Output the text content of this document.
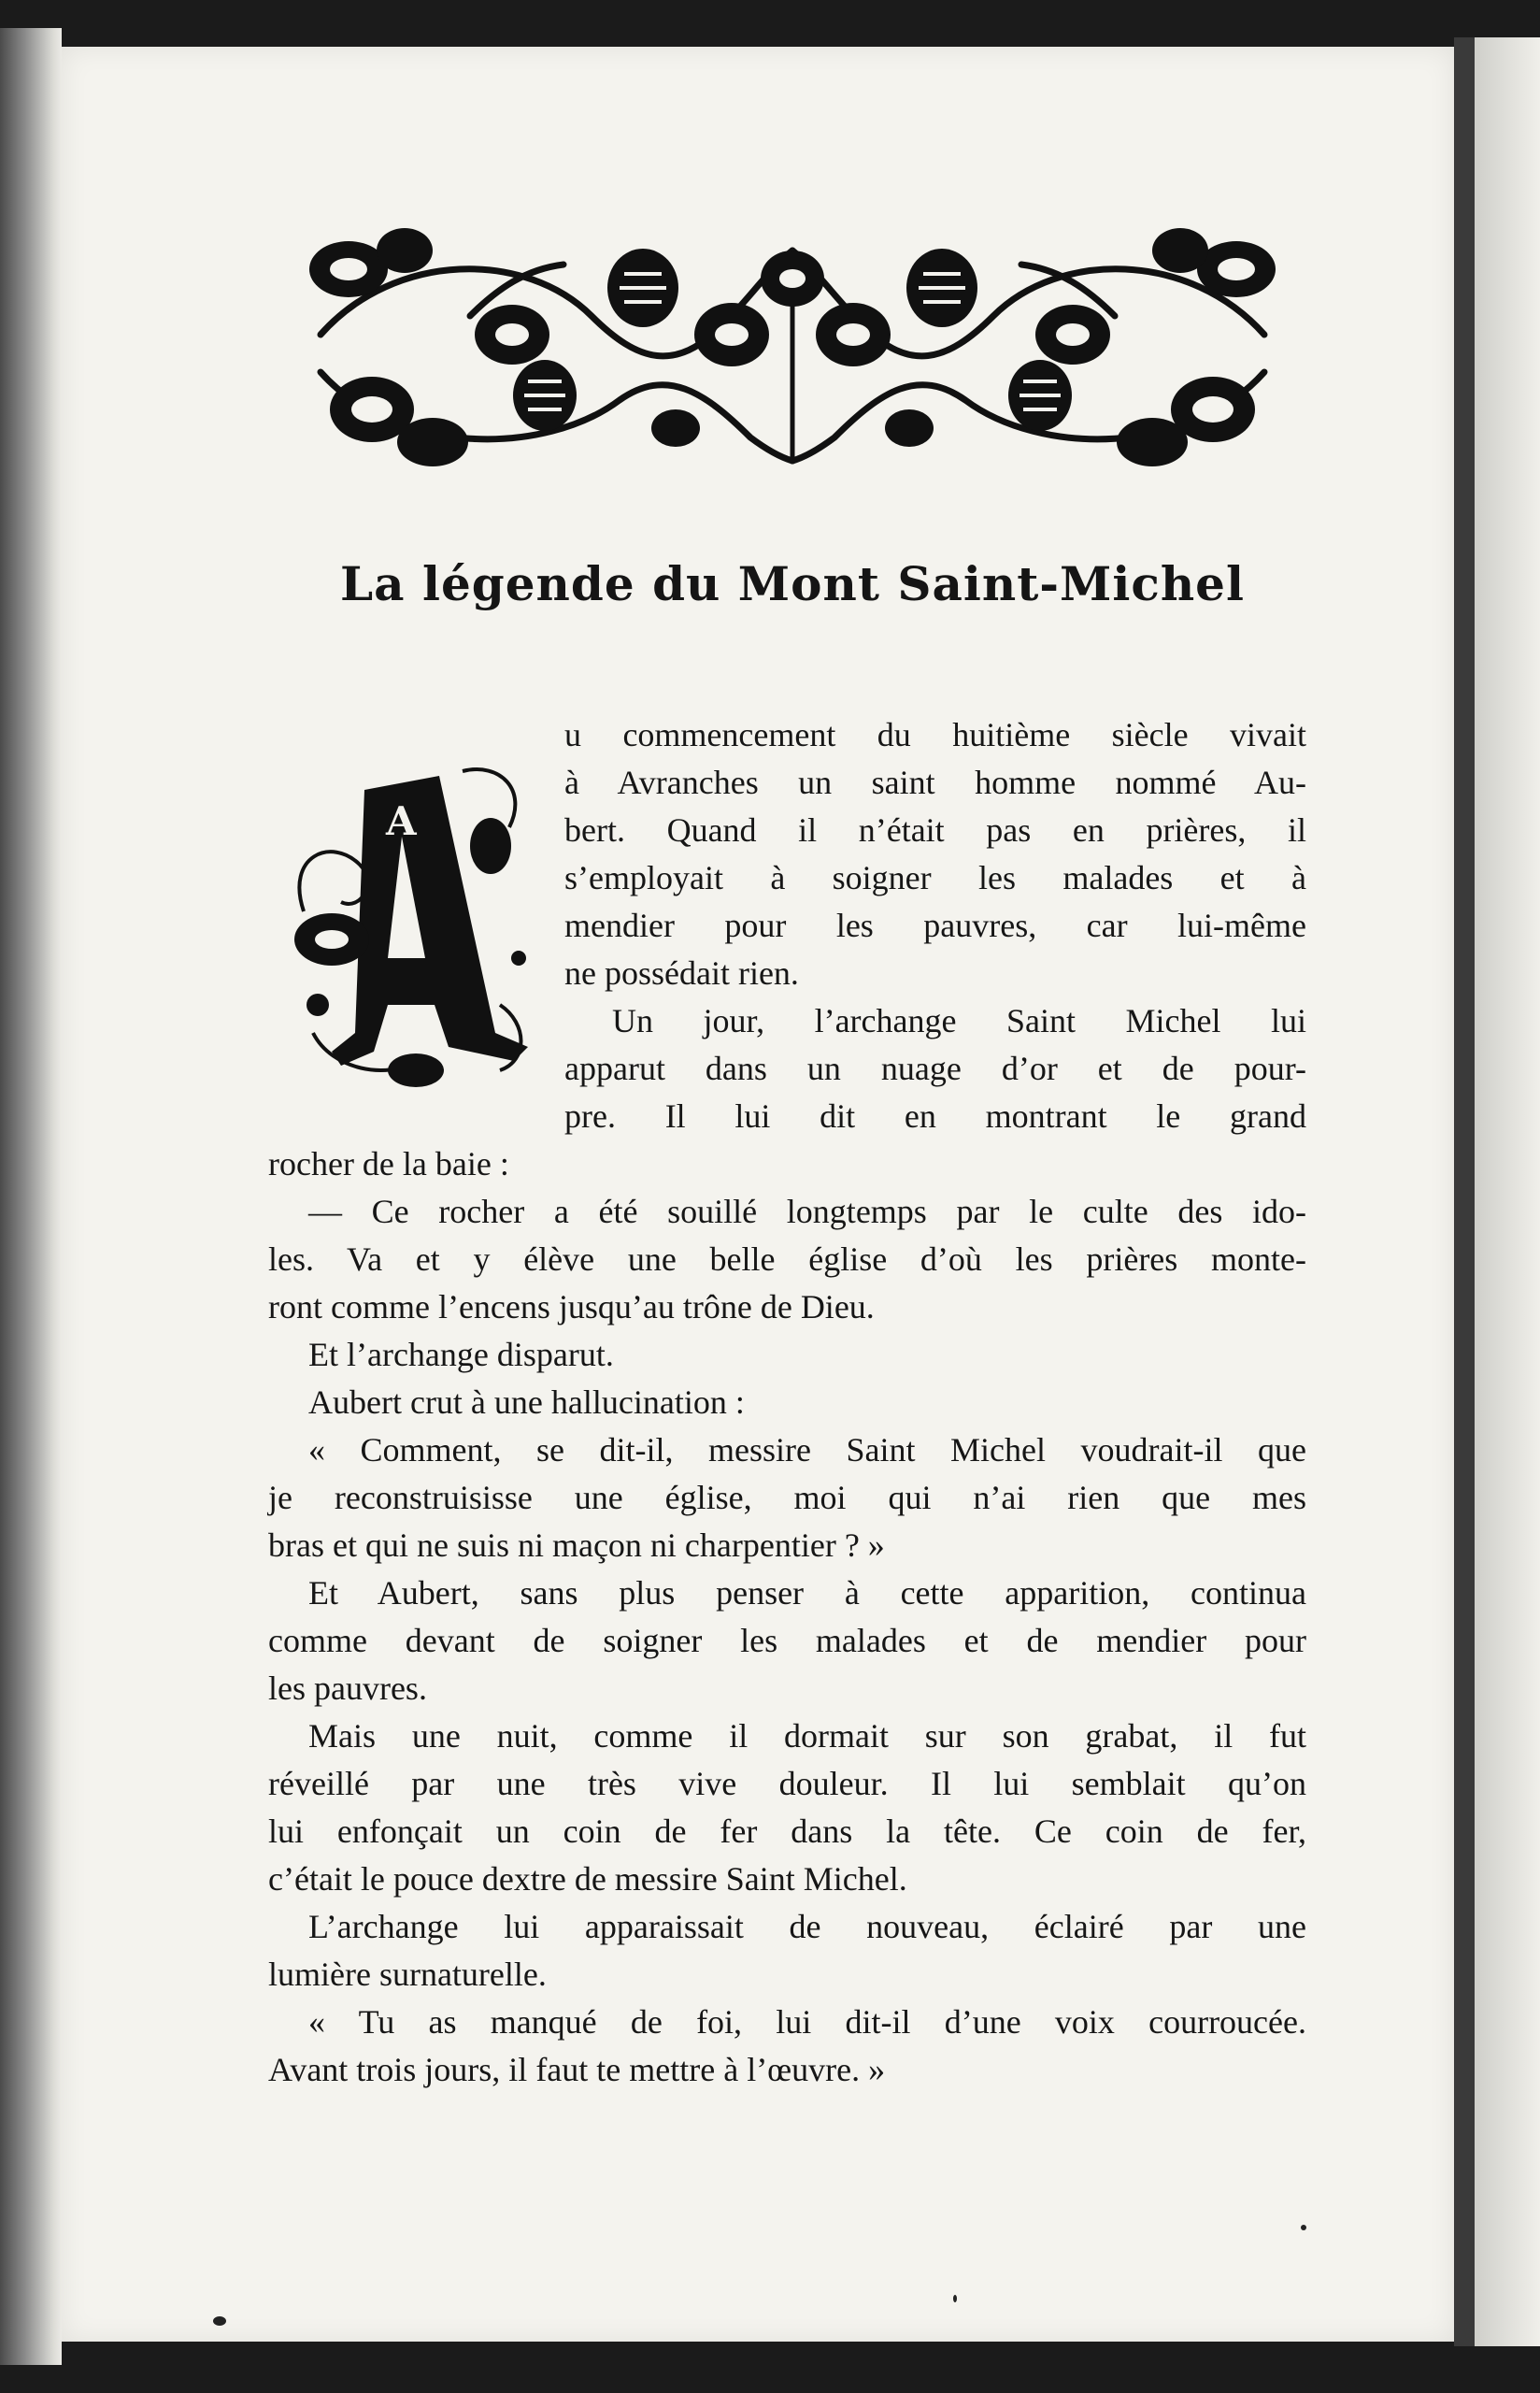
La légende du Mont Saint-Michel
A
u commencement du huitième siècle vivait
à Avranches un saint homme nommé Au-
bert. Quand il n’était pas en prières, il
s’employait à soigner les malades et à
mendier pour les pauvres, car lui-même
ne possédait rien.
Un jour, l’archange Saint Michel lui
apparut dans un nuage d’or et de pour-
pre. Il lui dit en montrant le grand
rocher de la baie :
— Ce rocher a été souillé longtemps par le culte des ido-
les. Va et y élève une belle église d’où les prières monte-
ront comme l’encens jusqu’au trône de Dieu.
Et l’archange disparut.
Aubert crut à une hallucination :
« Comment, se dit-il, messire Saint Michel voudrait-il que
je reconstruisisse une église, moi qui n’ai rien que mes
bras et qui ne suis ni maçon ni charpentier ? »
Et Aubert, sans plus penser à cette apparition, continua
comme devant de soigner les malades et de mendier pour
les pauvres.
Mais une nuit, comme il dormait sur son grabat, il fut
réveillé par une très vive douleur. Il lui semblait qu’on
lui enfonçait un coin de fer dans la tête. Ce coin de fer,
c’était le pouce dextre de messire Saint Michel.
L’archange lui apparaissait de nouveau, éclairé par une
lumière surnaturelle.
« Tu as manqué de foi, lui dit-il d’une voix courroucée.
Avant trois jours, il faut te mettre à l’œuvre. »
